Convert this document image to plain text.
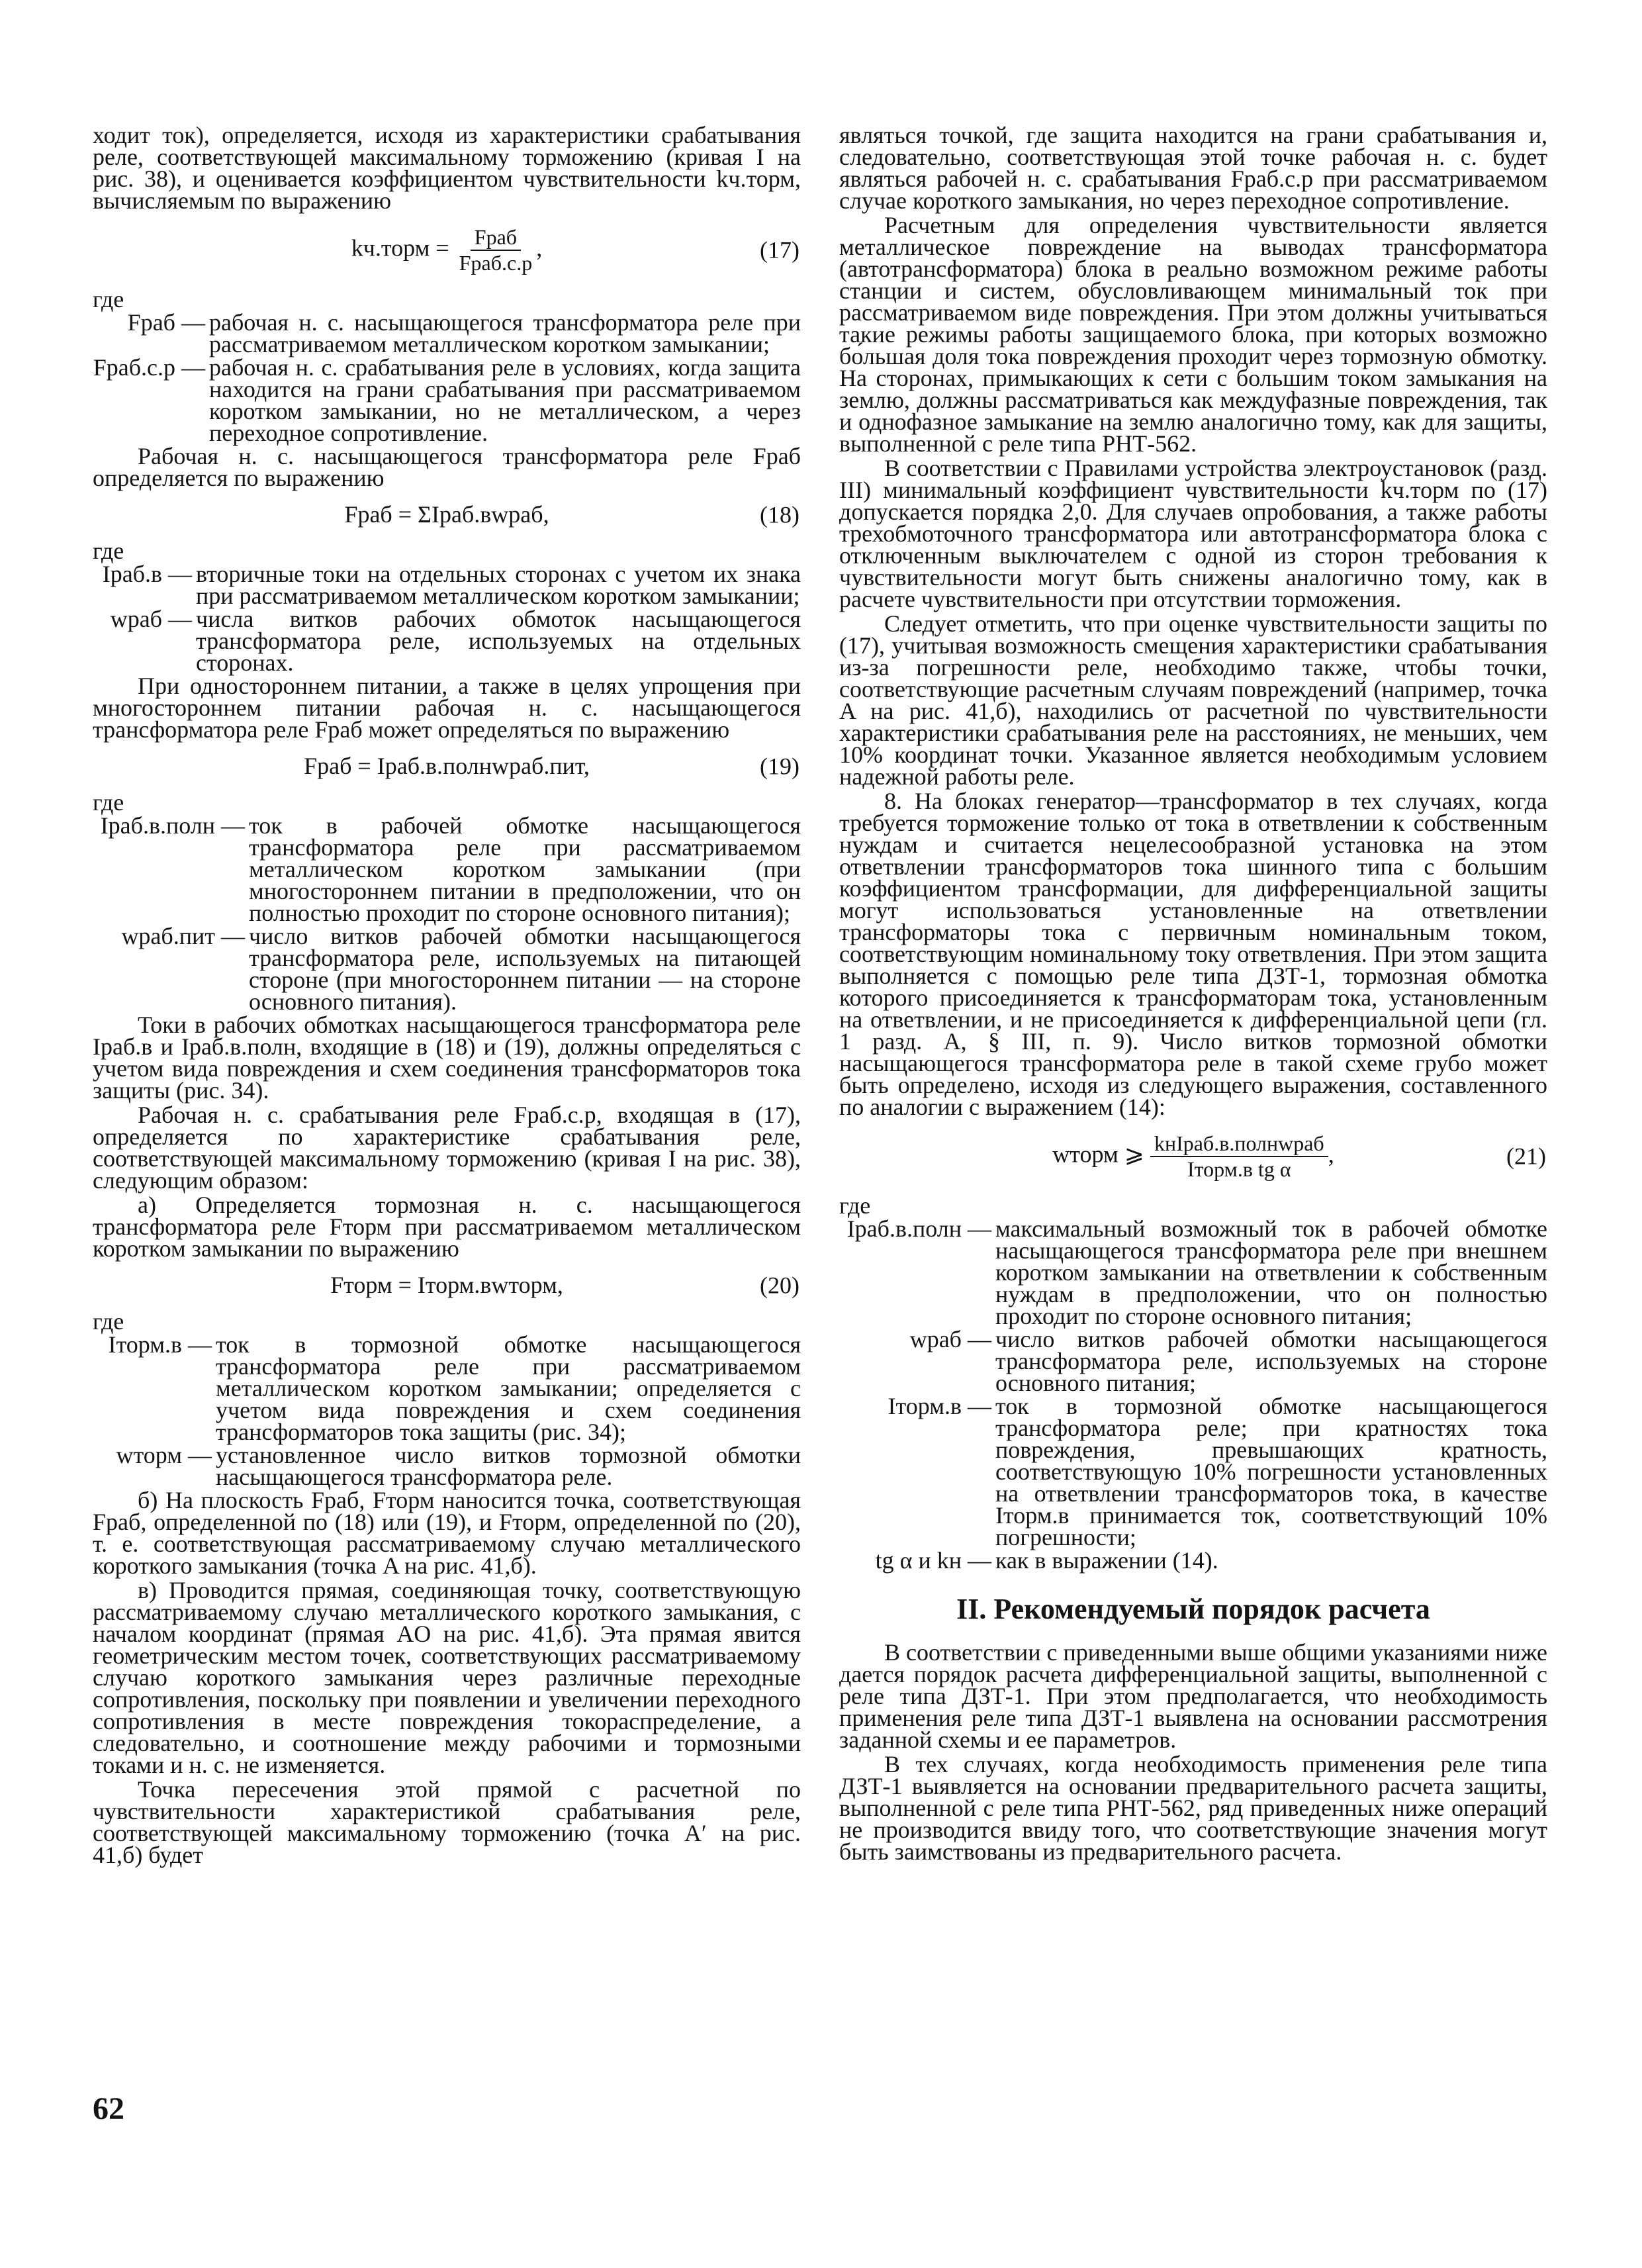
ходит ток), определяется, исходя из характеристики срабатывания реле, соответствующей максимальному торможению (кривая I на рис. 38), и оценивается коэффициентом чувствительности kч.торм, вычисляемым по выражению

kч.торм = $\frac{\text{Fраб}}{\text{Fраб.с.р}}$ ,	(17)
где
Fраб — рабочая н. с. насыщающегося трансформатора реле при рассматриваемом металлическом коротком замыкании;
Fраб.с.р — рабочая н. с. срабатывания реле в условиях, когда защита находится на грани срабатывания при рассматриваемом коротком замыкании, но не металлическом, а через переходное сопротивление.

Рабочая н. с. насыщающегося трансформатора реле Fраб определяется по выражению

Fраб = ΣIраб.вwраб,	(18)
где
Iраб.в — вторичные токи на отдельных сторонах с учетом их знака при рассматриваемом металлическом коротком замыкании;
wраб — числа витков рабочих обмоток насыщающегося трансформатора реле, используемых на отдельных сторонах.

При одностороннем питании, а также в целях упрощения при многостороннем питании рабочая н. с. насыщающегося трансформатора реле Fраб может определяться по выражению

Fраб = Iраб.в.полнwраб.пит,	(19)
где
Iраб.в.полн — ток в рабочей обмотке насыщающегося трансформатора реле при рассматриваемом металлическом коротком замыкании (при многостороннем питании в предположении, что он полностью проходит по стороне основного питания);
wраб.пит — число витков рабочей обмотки насыщающегося трансформатора реле, используемых на питающей стороне (при многостороннем питании — на стороне основного питания).

Токи в рабочих обмотках насыщающегося трансформатора реле Iраб.в и Iраб.в.полн, входящие в (18) и (19), должны определяться с учетом вида повреждения и схем соединения трансформаторов тока защиты (рис. 34).

Рабочая н. с. срабатывания реле Fраб.с.р, входящая в (17), определяется по характеристике срабатывания реле, соответствующей максимальному торможению (кривая I на рис. 38), следующим образом:

а) Определяется тормозная н. с. насыщающегося трансформатора реле Fторм при рассматриваемом металлическом коротком замыкании по выражению

Fторм = Iторм.вwторм,	(20)
где
Iторм.в — ток в тормозной обмотке насыщающегося трансформатора реле при рассматриваемом металлическом коротком замыкании; определяется с учетом вида повреждения и схем соединения трансформаторов тока защиты (рис. 34);
wторм — установленное число витков тормозной обмотки насыщающегося трансформатора реле.

б) На плоскость Fраб, Fторм наносится точка, соответствующая Fраб, определенной по (18) или (19), и Fторм, определенной по (20), т. е. соответствующая рассматриваемому случаю металлического короткого замыкания (точка A на рис. 41,б).

в) Проводится прямая, соединяющая точку, соответствующую рассматриваемому случаю металлического короткого замыкания, с началом координат (прямая AO на рис. 41,б). Эта прямая явится геометрическим местом точек, соответствующих рассматриваемому случаю короткого замыкания через различные переходные сопротивления, поскольку при появлении и увеличении переходного сопротивления в месте повреждения токораспределение, а следовательно, и соотношение между рабочими и тормозными токами и н. с. не изменяется.

Точка пересечения этой прямой с расчетной по чувствительности характеристикой срабатывания реле, соответствующей максимальному торможению (точка A′ на рис. 41,б) будет

являться точкой, где защита находится на грани срабатывания и, следовательно, соответствующая этой точке рабочая н. с. будет являться рабочей н. с. срабатывания Fраб.с.р при рассматриваемом случае короткого замыкания, но через переходное сопротивление.

Расчетным для определения чувствительности является металлическое повреждение на выводах трансформатора (автотрансформатора) блока в реально возможном режиме работы станции и систем, обусловливающем минимальный ток при рассматриваемом виде повреждения. При этом должны учитываться такие режимы работы защищаемого блока, при которых возможно бо́льшая доля тока повреждения проходит через тормозную обмотку. На сторонах, примыкающих к сети с большим током замыкания на землю, должны рассматриваться как междуфазные повреждения, так и однофазное замыкание на землю аналогично тому, как для защиты, выполненной с реле типа РНТ-562.

В соответствии с Правилами устройства электроустановок (разд. III) минимальный коэффициент чувствительности kч.торм по (17) допускается порядка 2,0. Для случаев опробования, а также работы трехобмоточного трансформатора или автотрансформатора блока с отключенным выключателем с одной из сторон требования к чувствительности могут быть снижены аналогично тому, как в расчете чувствительности при отсутствии торможения.

Следует отметить, что при оценке чувствительности защиты по (17), учитывая возможность смещения характеристики срабатывания из-за погрешности реле, необходимо также, чтобы точки, соответствующие расчетным случаям повреждений (например, точка A на рис. 41,б), находились от расчетной по чувствительности характеристики срабатывания реле на расстояниях, не меньших, чем 10% координат точки. Указанное является необходимым условием надежной работы реле.

8. На блоках генератор—трансформатор в тех случаях, когда требуется торможение только от тока в ответвлении к собственным нуждам и считается нецелесообразной установка на этом ответвлении трансформаторов тока шинного типа с большим коэффициентом трансформации, для дифференциальной защиты могут использоваться установленные на ответвлении трансформаторы тока с первичным номинальным током, соответствующим номинальному току ответвления. При этом защита выполняется с помощью реле типа ДЗТ-1, тормозная обмотка которого присоединяется к трансформаторам тока, установленным на ответвлении, и не присоединяется к дифференциальной цепи (гл. 1 разд. А, § III, п. 9). Число витков тормозной обмотки насыщающегося трансформатора реле в такой схеме грубо может быть определено, исходя из следующего выражения, составленного по аналогии с выражением (14):

wторм ⩾ $\frac{\text{kнIраб.в.полнwраб}}{\text{Iторм.в tg α}}$ ,	(21)
где
Iраб.в.полн — максимальный возможный ток в рабочей обмотке насыщающегося трансформатора реле при внешнем коротком замыкании на ответвлении к собственным нуждам в предположении, что он полностью проходит по стороне основного питания;
wраб — число витков рабочей обмотки насыщающегося трансформатора реле, используемых на стороне основного питания;
Iторм.в — ток в тормозной обмотке насыщающегося трансформатора реле; при кратностях тока повреждения, превышающих кратность, соответствующую 10% погрешности установленных на ответвлении трансформаторов тока, в качестве Iторм.в принимается ток, соответствующий 10% погрешности;
tg α и kн — как в выражении (14).
II. Рекомендуемый порядок расчета

В соответствии с приведенными выше общими указаниями ниже дается порядок расчета дифференциальной защиты, выполненной с реле типа ДЗТ-1. При этом предполагается, что необходимость применения реле типа ДЗТ-1 выявлена на основании рассмотрения заданной схемы и ее параметров.

В тех случаях, когда необходимость применения реле типа ДЗТ-1 выявляется на основании предварительного расчета защиты, выполненной с реле типа РНТ-562, ряд приведенных ниже операций не производится ввиду того, что соответствующие значения могут быть заимствованы из предварительного расчета.

62
